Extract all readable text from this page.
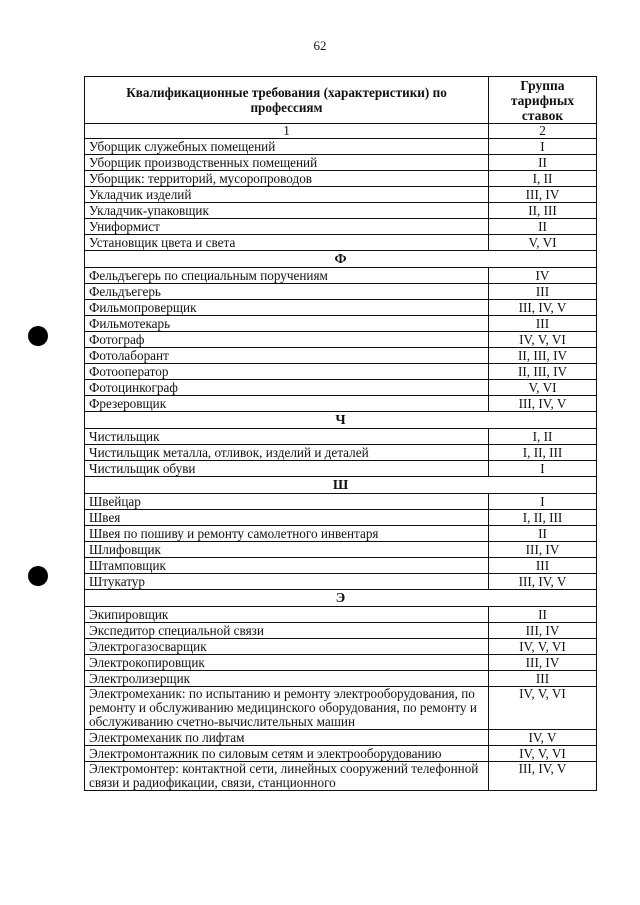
62
Квалификационные требования (характеристики) по профессиям	Группа тарифных ставок
1	2
Уборщик служебных помещений	I
Уборщик производственных помещений	II
Уборщик: территорий, мусоропроводов	I, II
Укладчик изделий	III, IV
Укладчик-упаковщик	II, III
Униформист	II
Установщик цвета и света	V, VI
Ф	
Фельдъегерь по специальным поручениям	IV
Фельдъегерь	III
Фильмопроверщик	III, IV, V
Фильмотекарь	III
Фотограф	IV, V, VI
Фотолаборант	II, III, IV
Фотооператор	II, III, IV
Фотоцинкограф	V, VI
Фрезеровщик	III, IV, V
Ч	
Чистильщик	I, II
Чистильщик металла, отливок, изделий и деталей	I, II, III
Чистильщик обуви	I
Ш	
Швейцар	I
Швея	I, II, III
Швея по пошиву и ремонту самолетного инвентаря	II
Шлифовщик	III, IV
Штамповщик	III
Штукатур	III, IV, V
Э	
Экипировщик	II
Экспедитор специальной связи	III, IV
Электрогазосварщик	IV, V, VI
Электрокопировщик	III, IV
Электролизерщик	III
Электромеханик: по испытанию и ремонту электрооборудования, по ремонту и обслуживанию медицинского оборудования, по ремонту и обслуживанию счетно-вычислительных машин	IV, V, VI
Электромеханик по лифтам	IV, V
Электромонтажник по силовым сетям и электрооборудованию	IV, V, VI
Электромонтер: контактной сети, линейных сооружений телефонной связи и радиофикации, связи, станционного	III, IV, V
